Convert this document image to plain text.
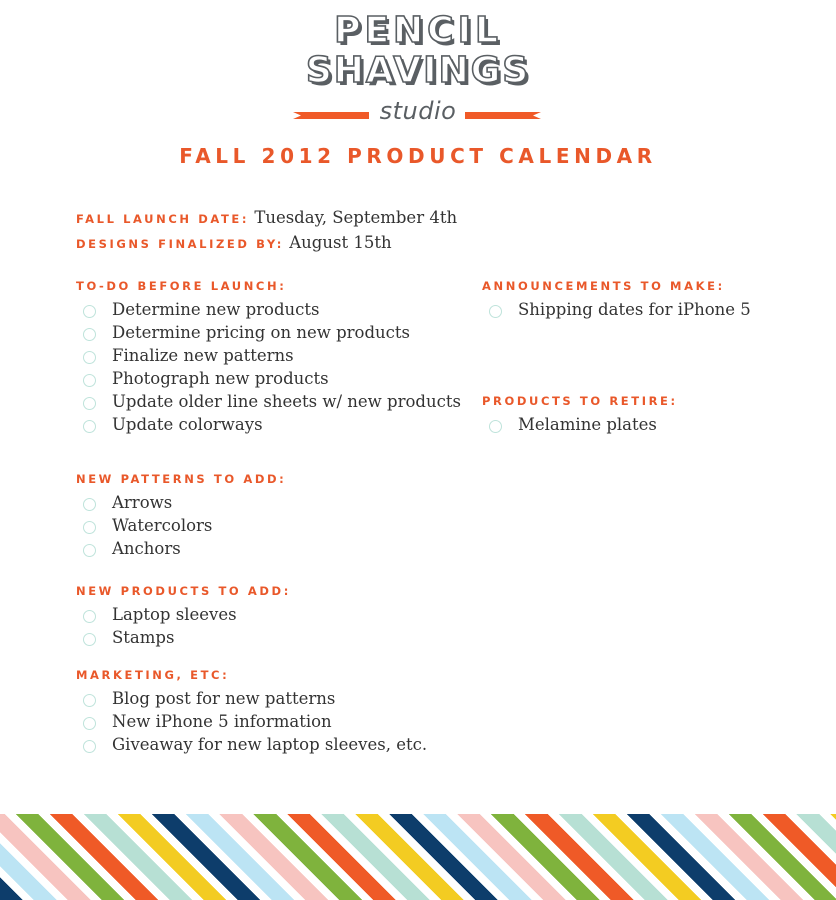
PENCIL
SHAVINGS
studio
FALL 2012 PRODUCT CALENDAR
FALL LAUNCH DATE: Tuesday, September 4th
DESIGNS FINALIZED BY: August 15th
TO-DO BEFORE LAUNCH:
Determine new products
Determine pricing on new products
Finalize new patterns
Photograph new products
Update older line sheets w/ new products
Update colorways
ANNOUNCEMENTS TO MAKE:
Shipping dates for iPhone 5
PRODUCTS TO RETIRE:
Melamine plates
NEW PATTERNS TO ADD:
Arrows
Watercolors
Anchors
NEW PRODUCTS TO ADD:
Laptop sleeves
Stamps
MARKETING, ETC:
Blog post for new patterns
New iPhone 5 information
Giveaway for new laptop sleeves, etc.
